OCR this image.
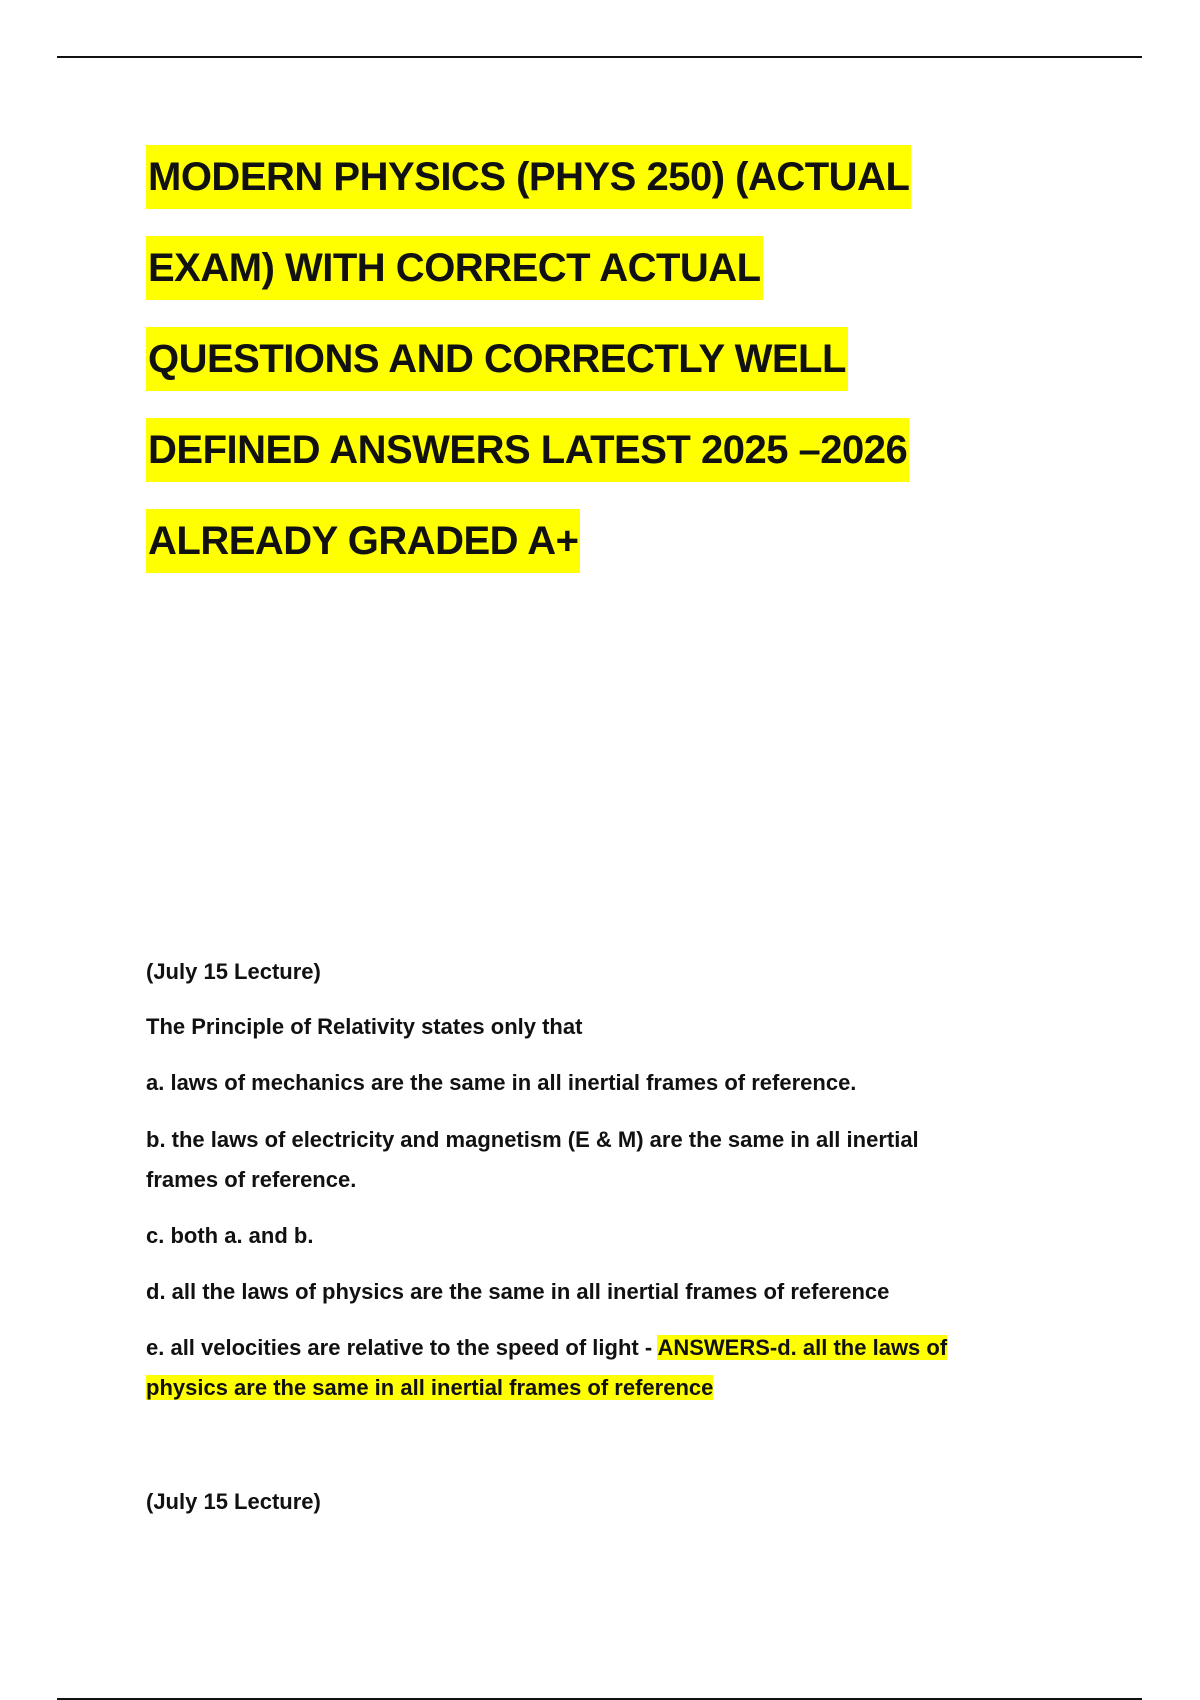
MODERN PHYSICS (PHYS 250) (ACTUAL
EXAM) WITH CORRECT ACTUAL
QUESTIONS AND CORRECTLY WELL
DEFINED ANSWERS LATEST 2025 –2026
ALREADY GRADED A+

(July 15 Lecture)

The Principle of Relativity states only that

a. laws of mechanics are the same in all inertial frames of reference.

b. the laws of electricity and magnetism (E & M) are the same in all inertial
frames of reference.

c. both a. and b.

d. all the laws of physics are the same in all inertial frames of reference

e. all velocities are relative to the speed of light - ANSWERS-d. all the laws of
physics are the same in all inertial frames of reference

(July 15 Lecture)
